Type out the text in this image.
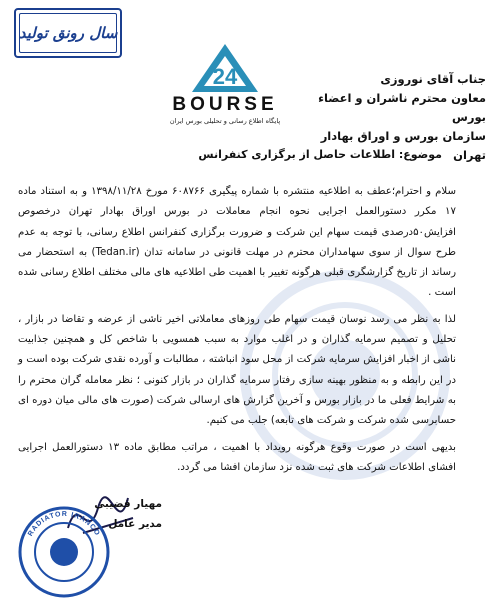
سال رونق تولید
24
BOURSE
پایگاه اطلاع رسانی و تحلیلی بورس ایران
جناب آقای نوروزی
معاون محترم ناشران و اعضاء بورس
سازمان بورس و اوراق بهادار تهران
موضوع: اطلاعات حاصل از برگزاری کنفرانس

سلام و احترام؛عطف به اطلاعیه منتشره با شماره پیگیری ۶۰۸۷۶۶ مورخ ۱۳۹۸/۱۱/۲۸ و به استناد ماده ۱۷ مکرر دستورالعمل اجرایی نحوه انجام معاملات در بورس اوراق بهادار تهران درخصوص افزایش۵۰درصدی قیمت سهام این شرکت و ضرورت برگزاری کنفرانس اطلاع رسانی، با توجه به عدم طرح سوال از سوی سهامداران محترم در مهلت قانونی در سامانه تدان (Tedan.ir) به استحضار می رساند از تاریخ گزارشگری قبلی هرگونه تغییر با اهمیت طی اطلاعیه های مالی مختلف اطلاع رسانی شده است .

لذا به نظر می رسد نوسان قیمت سهام طی روزهای معاملاتی اخیر ناشی از عرضه و تقاضا در بازار ، تحلیل و تصمیم سرمایه گذاران و در اغلب موارد به سبب همسویی با شاخص کل و همچنین جذابیت ناشی از اخبار افزایش سرمایه شرکت از محل سود انباشته ، مطالبات و آورده نقدی شرکت بوده است و در این رابطه و به منظور بهینه سازی رفتار سرمایه گذاران در بازار کنونی ؛ نظر معامله گران محترم را به شرایط فعلی ما در بازار بورس و آخرین گزارش های ارسالی شرکت (صورت های مالی میان دوره ای حسابرسی شده شرکت و شرکت های تابعه) جلب می کنیم.

بدیهی است در صورت وقوع هرگونه رویداد با اهمیت ، مراتب مطابق ماده ۱۳ دستورالعمل اجرایی افشای اطلاعات شرکت های ثبت شده نزد سازمان افشا می گردد.

مهیار قضیبی
مدیر عامل
RADIATOR IRANCO
